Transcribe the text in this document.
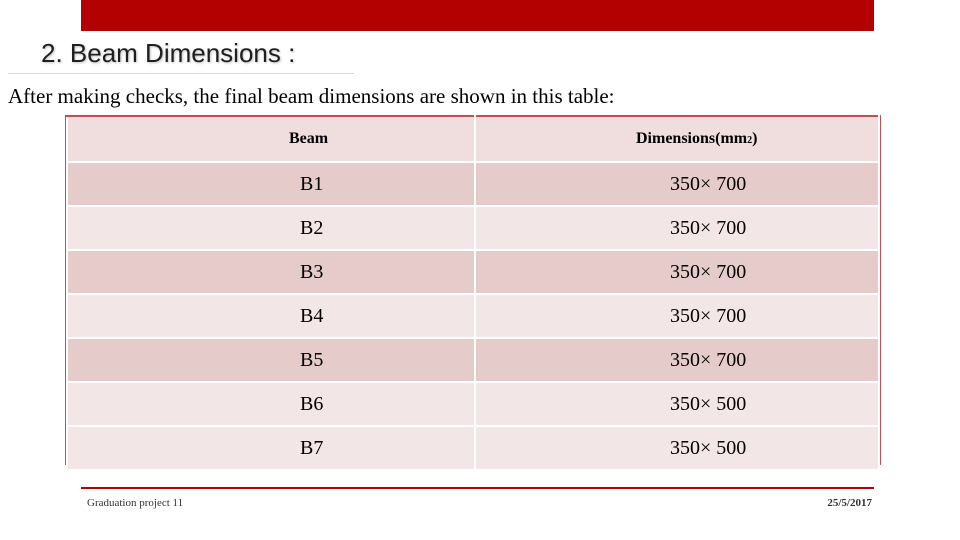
2. Beam Dimensions :
After making checks, the final beam dimensions are shown in this table:
Beam	Dimensions(mm2)
B1	350× 700
B2	350× 700
B3	350× 700
B4	350× 700
B5	350× 700
B6	350× 500
B7	350× 500
Graduation project 11	25/5/2017
